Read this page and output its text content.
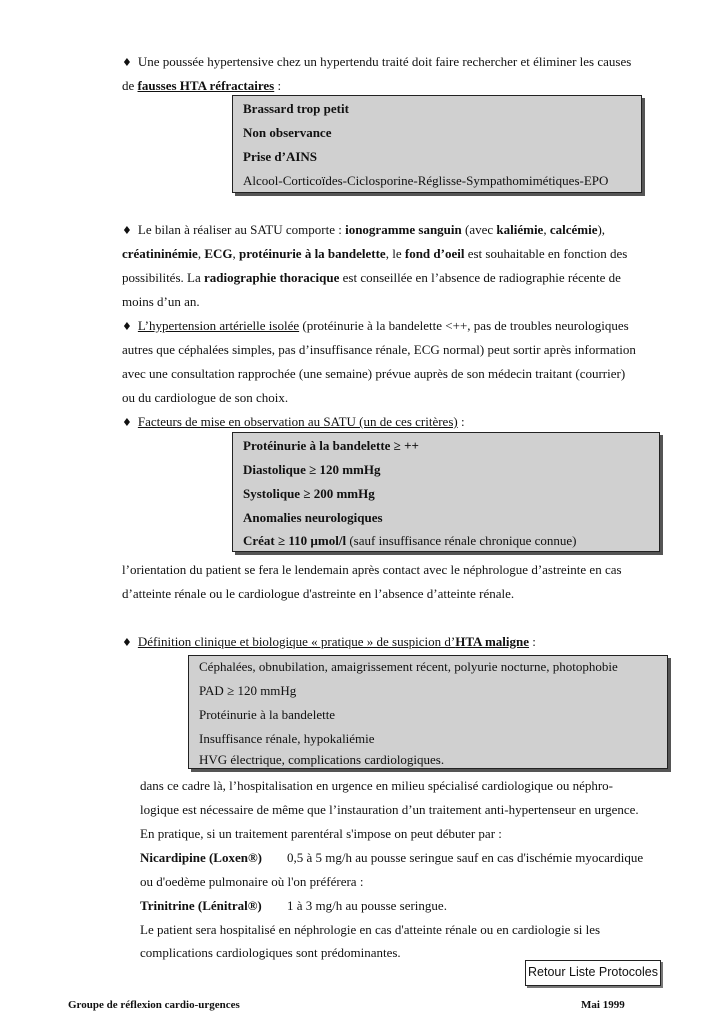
♦ Une poussée hypertensive chez un hypertendu traité doit faire rechercher et éliminer les causes
de fausses HTA réfractaires :
Brassard trop petit
Non observance
Prise d’AINS
Alcool-Corticoïdes-Ciclosporine-Réglisse-Sympathomimétiques-EPO
♦ Le bilan à réaliser au SATU comporte : ionogramme sanguin (avec kaliémie, calcémie),
créatininémie, ECG, protéinurie à la bandelette, le fond d’oeil est souhaitable en fonction des
possibilités. La radiographie thoracique est conseillée en l’absence de radiographie récente de
moins d’un an.
♦ L’hypertension artérielle isolée (protéinurie à la bandelette <++, pas de troubles neurologiques
autres que céphalées simples, pas d’insuffisance rénale, ECG normal) peut sortir après information
avec une consultation rapprochée (une semaine) prévue auprès de son médecin traitant (courrier)
ou du cardiologue de son choix.
♦ Facteurs de mise en observation au SATU (un de ces critères) :
Protéinurie à la bandelette ≥ ++
Diastolique ≥ 120 mmHg
Systolique ≥ 200 mmHg
Anomalies neurologiques
Créat ≥ 110 µmol/l (sauf insuffisance rénale chronique connue)
l’orientation du patient se fera le lendemain après contact avec le néphrologue d’astreinte en cas
d’atteinte rénale ou le cardiologue d'astreinte en l’absence d’atteinte rénale.
♦ Définition clinique et biologique « pratique » de suspicion d’HTA maligne :
Céphalées, obnubilation, amaigrissement récent, polyurie nocturne, photophobie
PAD ≥ 120 mmHg
Protéinurie à la bandelette
Insuffisance rénale, hypokaliémie
HVG électrique, complications cardiologiques.
dans ce cadre là, l’hospitalisation en urgence en milieu spécialisé cardiologique ou néphro-
logique est nécessaire de même que l’instauration d’un traitement anti-hypertenseur en urgence.
En pratique, si un traitement parentéral s'impose on peut débuter par :
Nicardipine (Loxen®) 0,5 à 5 mg/h au pousse seringue sauf en cas d'ischémie myocardique
ou d'oedème pulmonaire où l'on préférera :
Trinitrine (Lénitral®) 1 à 3 mg/h au pousse seringue.
Le patient sera hospitalisé en néphrologie en cas d'atteinte rénale ou en cardiologie si les
complications cardiologiques sont prédominantes.
Retour Liste Protocoles
Groupe de réflexion cardio-urgences	Mai 1999
